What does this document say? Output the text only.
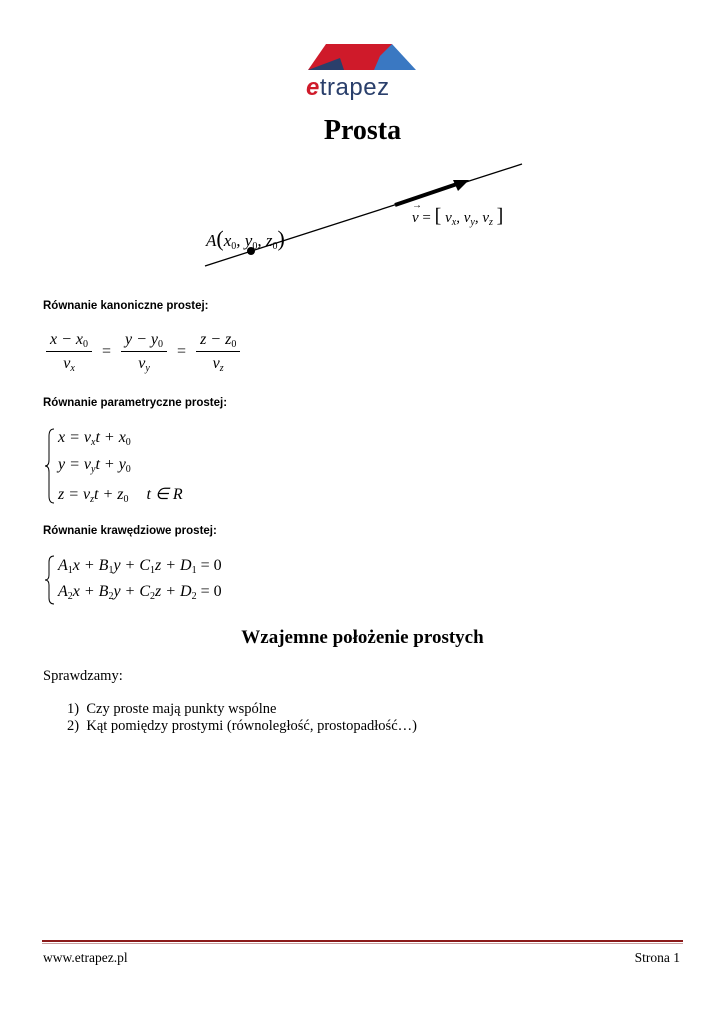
etrapez
Prosta
$A(x_0$, $y_0$, $z_0$)
→
v = [ $v_x$, $v_y$, $v_z$ ]
Równanie kanoniczne prostej:
$\frac{x - x_0}{v_x} = \frac{y - y_0}{v_y} = \frac{z - z_0}{v_z}$
Równanie parametryczne prostej:
$x = v_xt + x_0$
$y = v_yt + y_0$
$z = v_zt + z_0$ t ∈ R
Równanie krawędziowe prostej:
$A_1x + B_1y + C_1z + D_1 = 0$
$A_2x + B_2y + C_2z + D_2 = 0$
Wzajemne położenie prostych
Sprawdzamy:
1) Czy proste mają punkty wspólne
2) Kąt pomiędzy prostymi (równoległość, prostopadłość…)
www.etrapez.pl	Strona 1
